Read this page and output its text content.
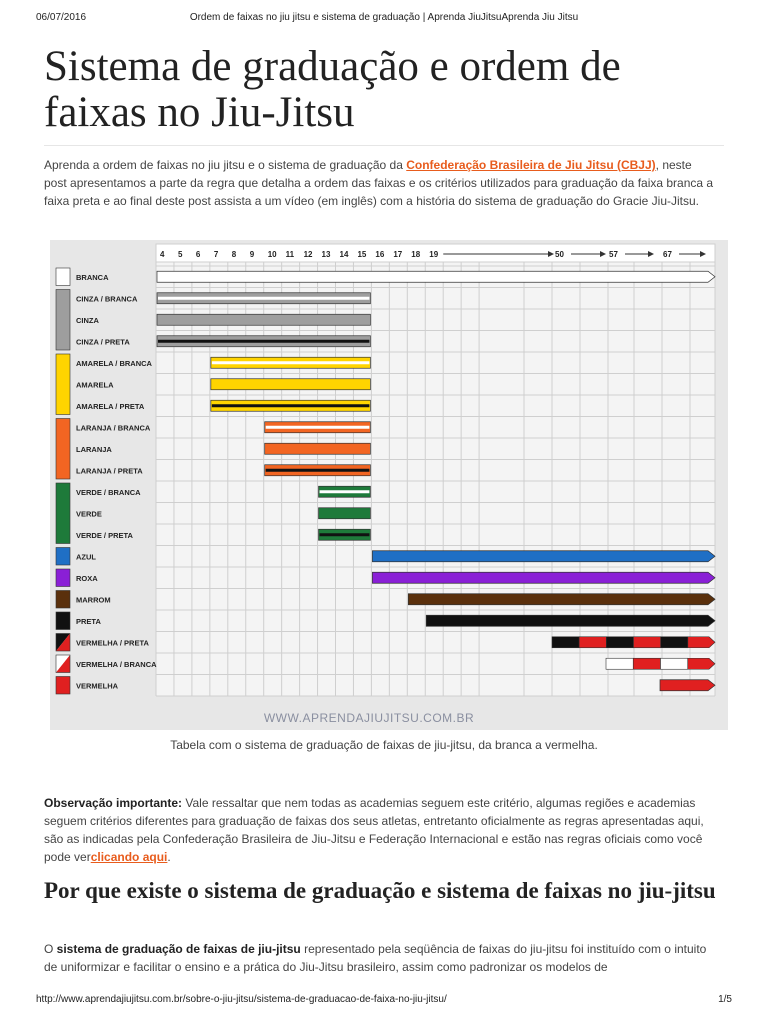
06/07/2016	Ordem de faixas no jiu jitsu e sistema de graduação | Aprenda JiuJitsuAprenda Jiu Jitsu
Sistema de graduação e ordem de faixas no Jiu-Jitsu

Aprenda a ordem de faixas no jiu jitsu e o sistema de graduação da Confederação Brasileira de Jiu Jitsu (CBJJ), neste post apresentamos a parte da regra que detalha a ordem das faixas e os critérios utilizados para graduação da faixa branca a faixa preta e ao final deste post assista a um vídeo (em inglês) com a história do sistema de graduação do Gracie Jiu-Jitsu.

4 5 6 7 8 9 10 11 12 13 14 15 16 17 18 19	50	57	67
BRANCA
CINZA / BRANCA
CINZA
CINZA / PRETA
AMARELA / BRANCA
AMARELA
AMARELA / PRETA
LARANJA / BRANCA
LARANJA
LARANJA / PRETA
VERDE / BRANCA
VERDE
VERDE / PRETA
AZUL
ROXA
MARROM
PRETA
VERMELHA / PRETA
VERMELHA / BRANCA
VERMELHA
WWW.APRENDAJIUJITSU.COM.BR
Tabela com o sistema de graduação de faixas de jiu-jitsu, da branca a vermelha.

Observação importante: Vale ressaltar que nem todas as academias seguem este critério, algumas regiões e academias seguem critérios diferentes para graduação de faixas dos seus atletas, entretanto oficialmente as regras apresentadas aqui, são as indicadas pela Confederação Brasileira de Jiu-Jitsu e Federação Internacional e estão nas regras oficiais como você pode verclicando aqui.

Por que existe o sistema de graduação e sistema de faixas no jiu-jitsu

O sistema de graduação de faixas de jiu-jitsu representado pela seqüência de faixas do jiu-jitsu foi instituído com o intuito de uniformizar e facilitar o ensino e a prática do Jiu-Jitsu brasileiro, assim como padronizar os modelos de

http://www.aprendajiujitsu.com.br/sobre-o-jiu-jitsu/sistema-de-graduacao-de-faixa-no-jiu-jitsu/	1/5
